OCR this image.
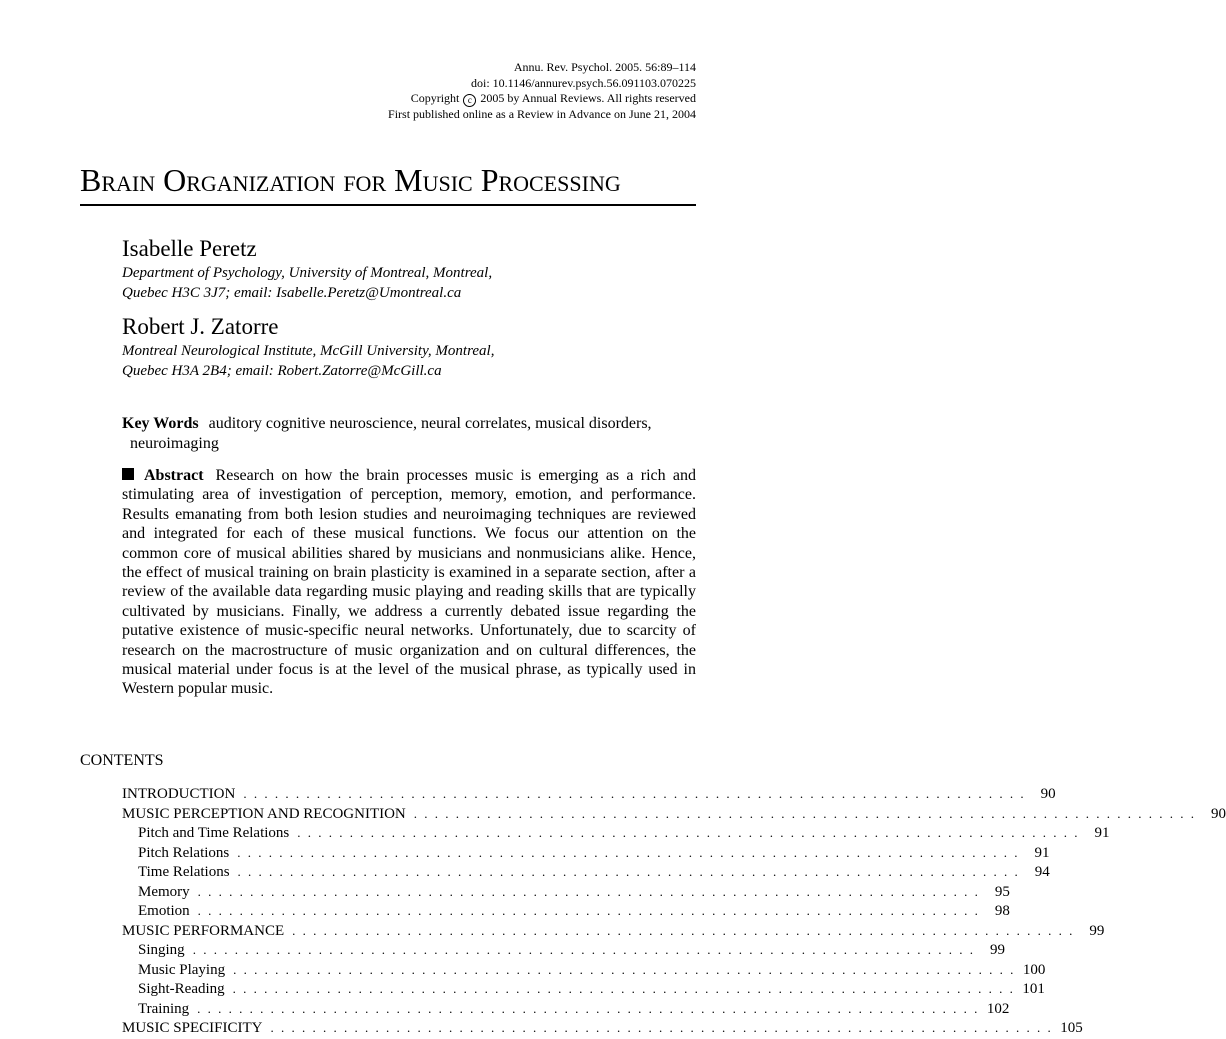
Annu. Rev. Psychol. 2005. 56:89–114
doi: 10.1146/annurev.psych.56.091103.070225
Copyright c 2005 by Annual Reviews. All rights reserved
First published online as a Review in Advance on June 21, 2004
Brain Organization for Music Processing
Isabelle Peretz
Department of Psychology, University of Montreal, Montreal,
Quebec H3C 3J7; email: Isabelle.Peretz@Umontreal.ca
Robert J. Zatorre
Montreal Neurological Institute, McGill University, Montreal,
Quebec H3A 2B4; email: Robert.Zatorre@McGill.ca
Key Words auditory cognitive neuroscience, neural correlates, musical disorders,
neuroimaging

Abstract Research on how the brain processes music is emerging as a rich and stimulating area of investigation of perception, memory, emotion, and performance. Results emanating from both lesion studies and neuroimaging techniques are reviewed and integrated for each of these musical functions. We focus our attention on the common core of musical abilities shared by musicians and nonmusicians alike. Hence, the effect of musical training on brain plasticity is examined in a separate section, after a review of the available data regarding music playing and reading skills that are typically cultivated by musicians. Finally, we address a currently debated issue regarding the putative existence of music-specific neural networks. Unfortunately, due to scarcity of research on the macrostructure of music organization and on cultural differences, the musical material under focus is at the level of the musical phrase, as typically used in Western popular music.

CONTENTS
INTRODUCTION . . . . . . . . . . . . . . . . . . . . . . . . . . . . . . . . . . . . . . . . . . . . . . . . . . . . . . . . . . . . . . . . . . . . . . . . . . .	90
MUSIC PERCEPTION AND RECOGNITION . . . . . . . . . . . . . . . . . . . . . . . . . . . . . . . . . . . . . . . . . . . . . . . . . . . . . . . . . . . . . . . . . . . . . . . . . . .	90
Pitch and Time Relations . . . . . . . . . . . . . . . . . . . . . . . . . . . . . . . . . . . . . . . . . . . . . . . . . . . . . . . . . . . . . . . . . . . . . . . . . . .	91
Pitch Relations . . . . . . . . . . . . . . . . . . . . . . . . . . . . . . . . . . . . . . . . . . . . . . . . . . . . . . . . . . . . . . . . . . . . . . . . . . .	91
Time Relations . . . . . . . . . . . . . . . . . . . . . . . . . . . . . . . . . . . . . . . . . . . . . . . . . . . . . . . . . . . . . . . . . . . . . . . . . . .	94
Memory . . . . . . . . . . . . . . . . . . . . . . . . . . . . . . . . . . . . . . . . . . . . . . . . . . . . . . . . . . . . . . . . . . . . . . . . . . .	95
Emotion . . . . . . . . . . . . . . . . . . . . . . . . . . . . . . . . . . . . . . . . . . . . . . . . . . . . . . . . . . . . . . . . . . . . . . . . . . .	98
MUSIC PERFORMANCE . . . . . . . . . . . . . . . . . . . . . . . . . . . . . . . . . . . . . . . . . . . . . . . . . . . . . . . . . . . . . . . . . . . . . . . . . . .	99
Singing . . . . . . . . . . . . . . . . . . . . . . . . . . . . . . . . . . . . . . . . . . . . . . . . . . . . . . . . . . . . . . . . . . . . . . . . . . .	99
Music Playing . . . . . . . . . . . . . . . . . . . . . . . . . . . . . . . . . . . . . . . . . . . . . . . . . . . . . . . . . . . . . . . . . . . . . . . . . . . 100
Sight-Reading . . . . . . . . . . . . . . . . . . . . . . . . . . . . . . . . . . . . . . . . . . . . . . . . . . . . . . . . . . . . . . . . . . . . . . . . . . . 101
Training . . . . . . . . . . . . . . . . . . . . . . . . . . . . . . . . . . . . . . . . . . . . . . . . . . . . . . . . . . . . . . . . . . . . . . . . . . . 102
MUSIC SPECIFICITY . . . . . . . . . . . . . . . . . . . . . . . . . . . . . . . . . . . . . . . . . . . . . . . . . . . . . . . . . . . . . . . . . . . . . . . . . . . 105
